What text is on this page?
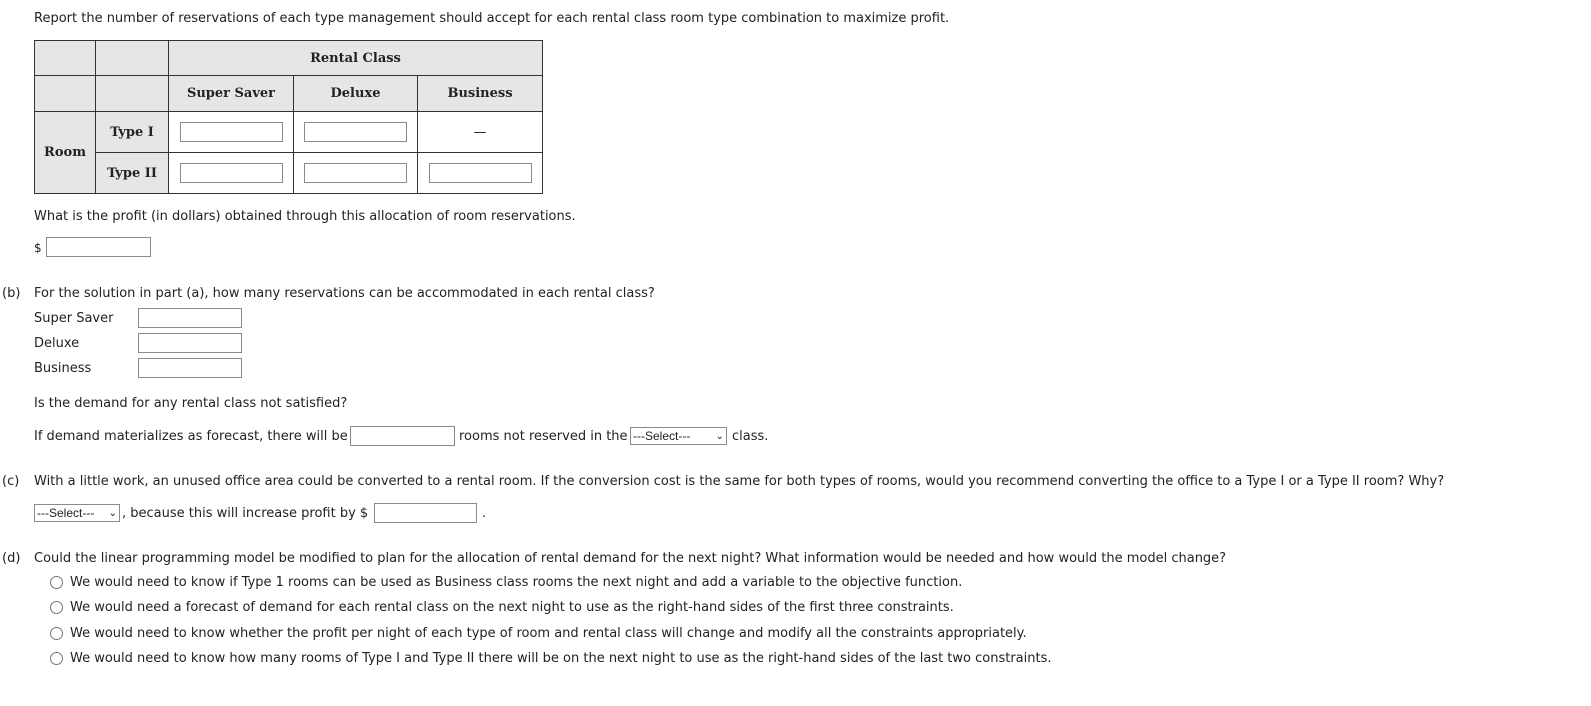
Report the number of reservations of each type management should accept for each rental class room type combination to maximize profit.
		Rental Class		
		Super Saver	Deluxe	Business
Room	Type I			—
	Type II			
What is the profit (in dollars) obtained through this allocation of room reservations.
$
(b) For the solution in part (a), how many reservations can be accommodated in each rental class?
Super Saver
Deluxe
Business
Is the demand for any rental class not satisfied?
If demand materializes as forecast, there will be	rooms not reserved in the ---Select---	⌄ class.
(c) With a little work, an unused office area could be converted to a rental room. If the conversion cost is the same for both types of rooms, would you recommend converting the office to a Type I or a Type II room? Why?
---Select--- ⌄ , because this will increase profit by $	.
(d) Could the linear programming model be modified to plan for the allocation of rental demand for the next night? What information would be needed and how would the model change?
We would need to know if Type 1 rooms can be used as Business class rooms the next night and add a variable to the objective function.
We would need a forecast of demand for each rental class on the next night to use as the right-hand sides of the first three constraints.
We would need to know whether the profit per night of each type of room and rental class will change and modify all the constraints appropriately.
We would need to know how many rooms of Type I and Type II there will be on the next night to use as the right-hand sides of the last two constraints.
